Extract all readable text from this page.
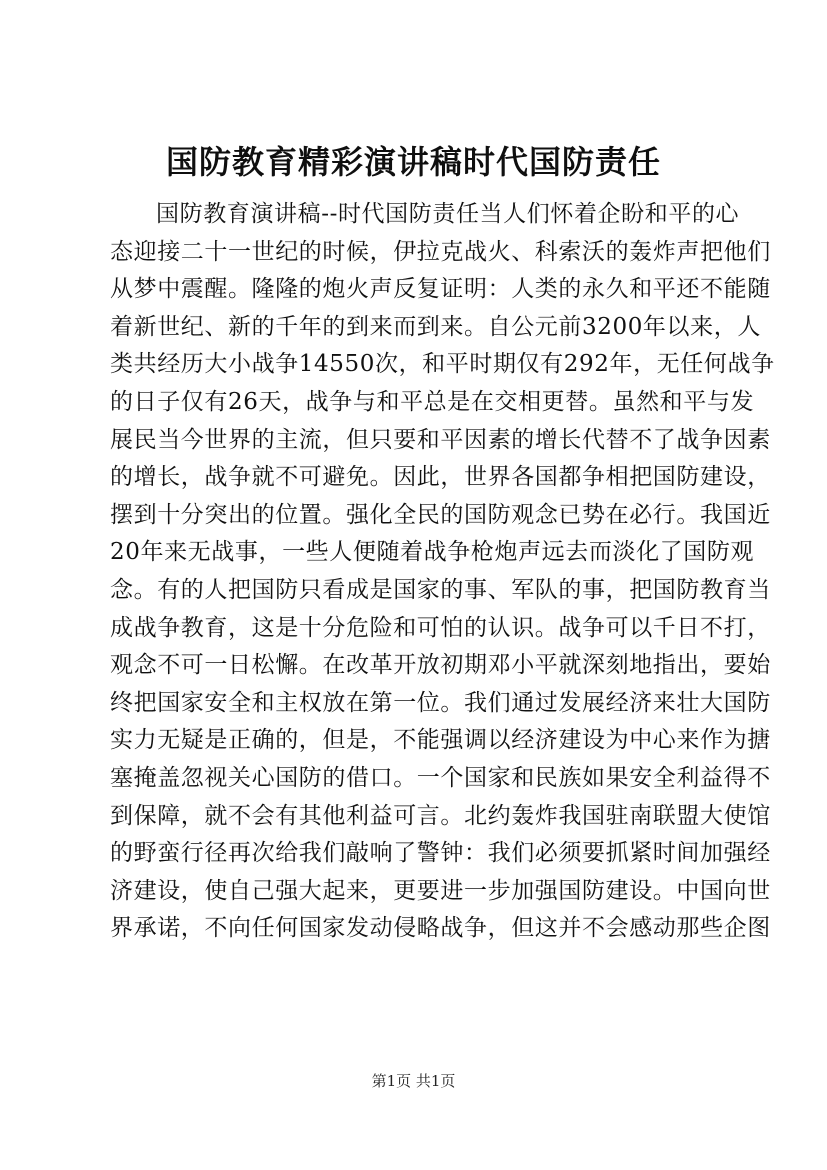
国防教育精彩演讲稿时代国防责任
国防教育演讲稿--时代国防责任当人们怀着企盼和平的心
态迎接二十一世纪的时候，伊拉克战火、科索沃的轰炸声把他们
从梦中震醒。隆隆的炮火声反复证明：人类的永久和平还不能随
着新世纪、新的千年的到来而到来。自公元前3200年以来，人
类共经历大小战争14550次，和平时期仅有292年，无任何战争
的日子仅有26天，战争与和平总是在交相更替。虽然和平与发
展民当今世界的主流，但只要和平因素的增长代替不了战争因素
的增长，战争就不可避免。因此，世界各国都争相把国防建设，
摆到十分突出的位置。强化全民的国防观念已势在必行。我国近
20年来无战事，一些人便随着战争枪炮声远去而淡化了国防观
念。有的人把国防只看成是国家的事、军队的事，把国防教育当
成战争教育，这是十分危险和可怕的认识。战争可以千日不打，
观念不可一日松懈。在改革开放初期邓小平就深刻地指出，要始
终把国家安全和主权放在第一位。我们通过发展经济来壮大国防
实力无疑是正确的，但是，不能强调以经济建设为中心来作为搪
塞掩盖忽视关心国防的借口。一个国家和民族如果安全利益得不
到保障，就不会有其他利益可言。北约轰炸我国驻南联盟大使馆
的野蛮行径再次给我们敲响了警钟：我们必须要抓紧时间加强经
济建设，使自己强大起来，更要进一步加强国防建设。中国向世
界承诺，不向任何国家发动侵略战争，但这并不会感动那些企图
第1页 共1页
